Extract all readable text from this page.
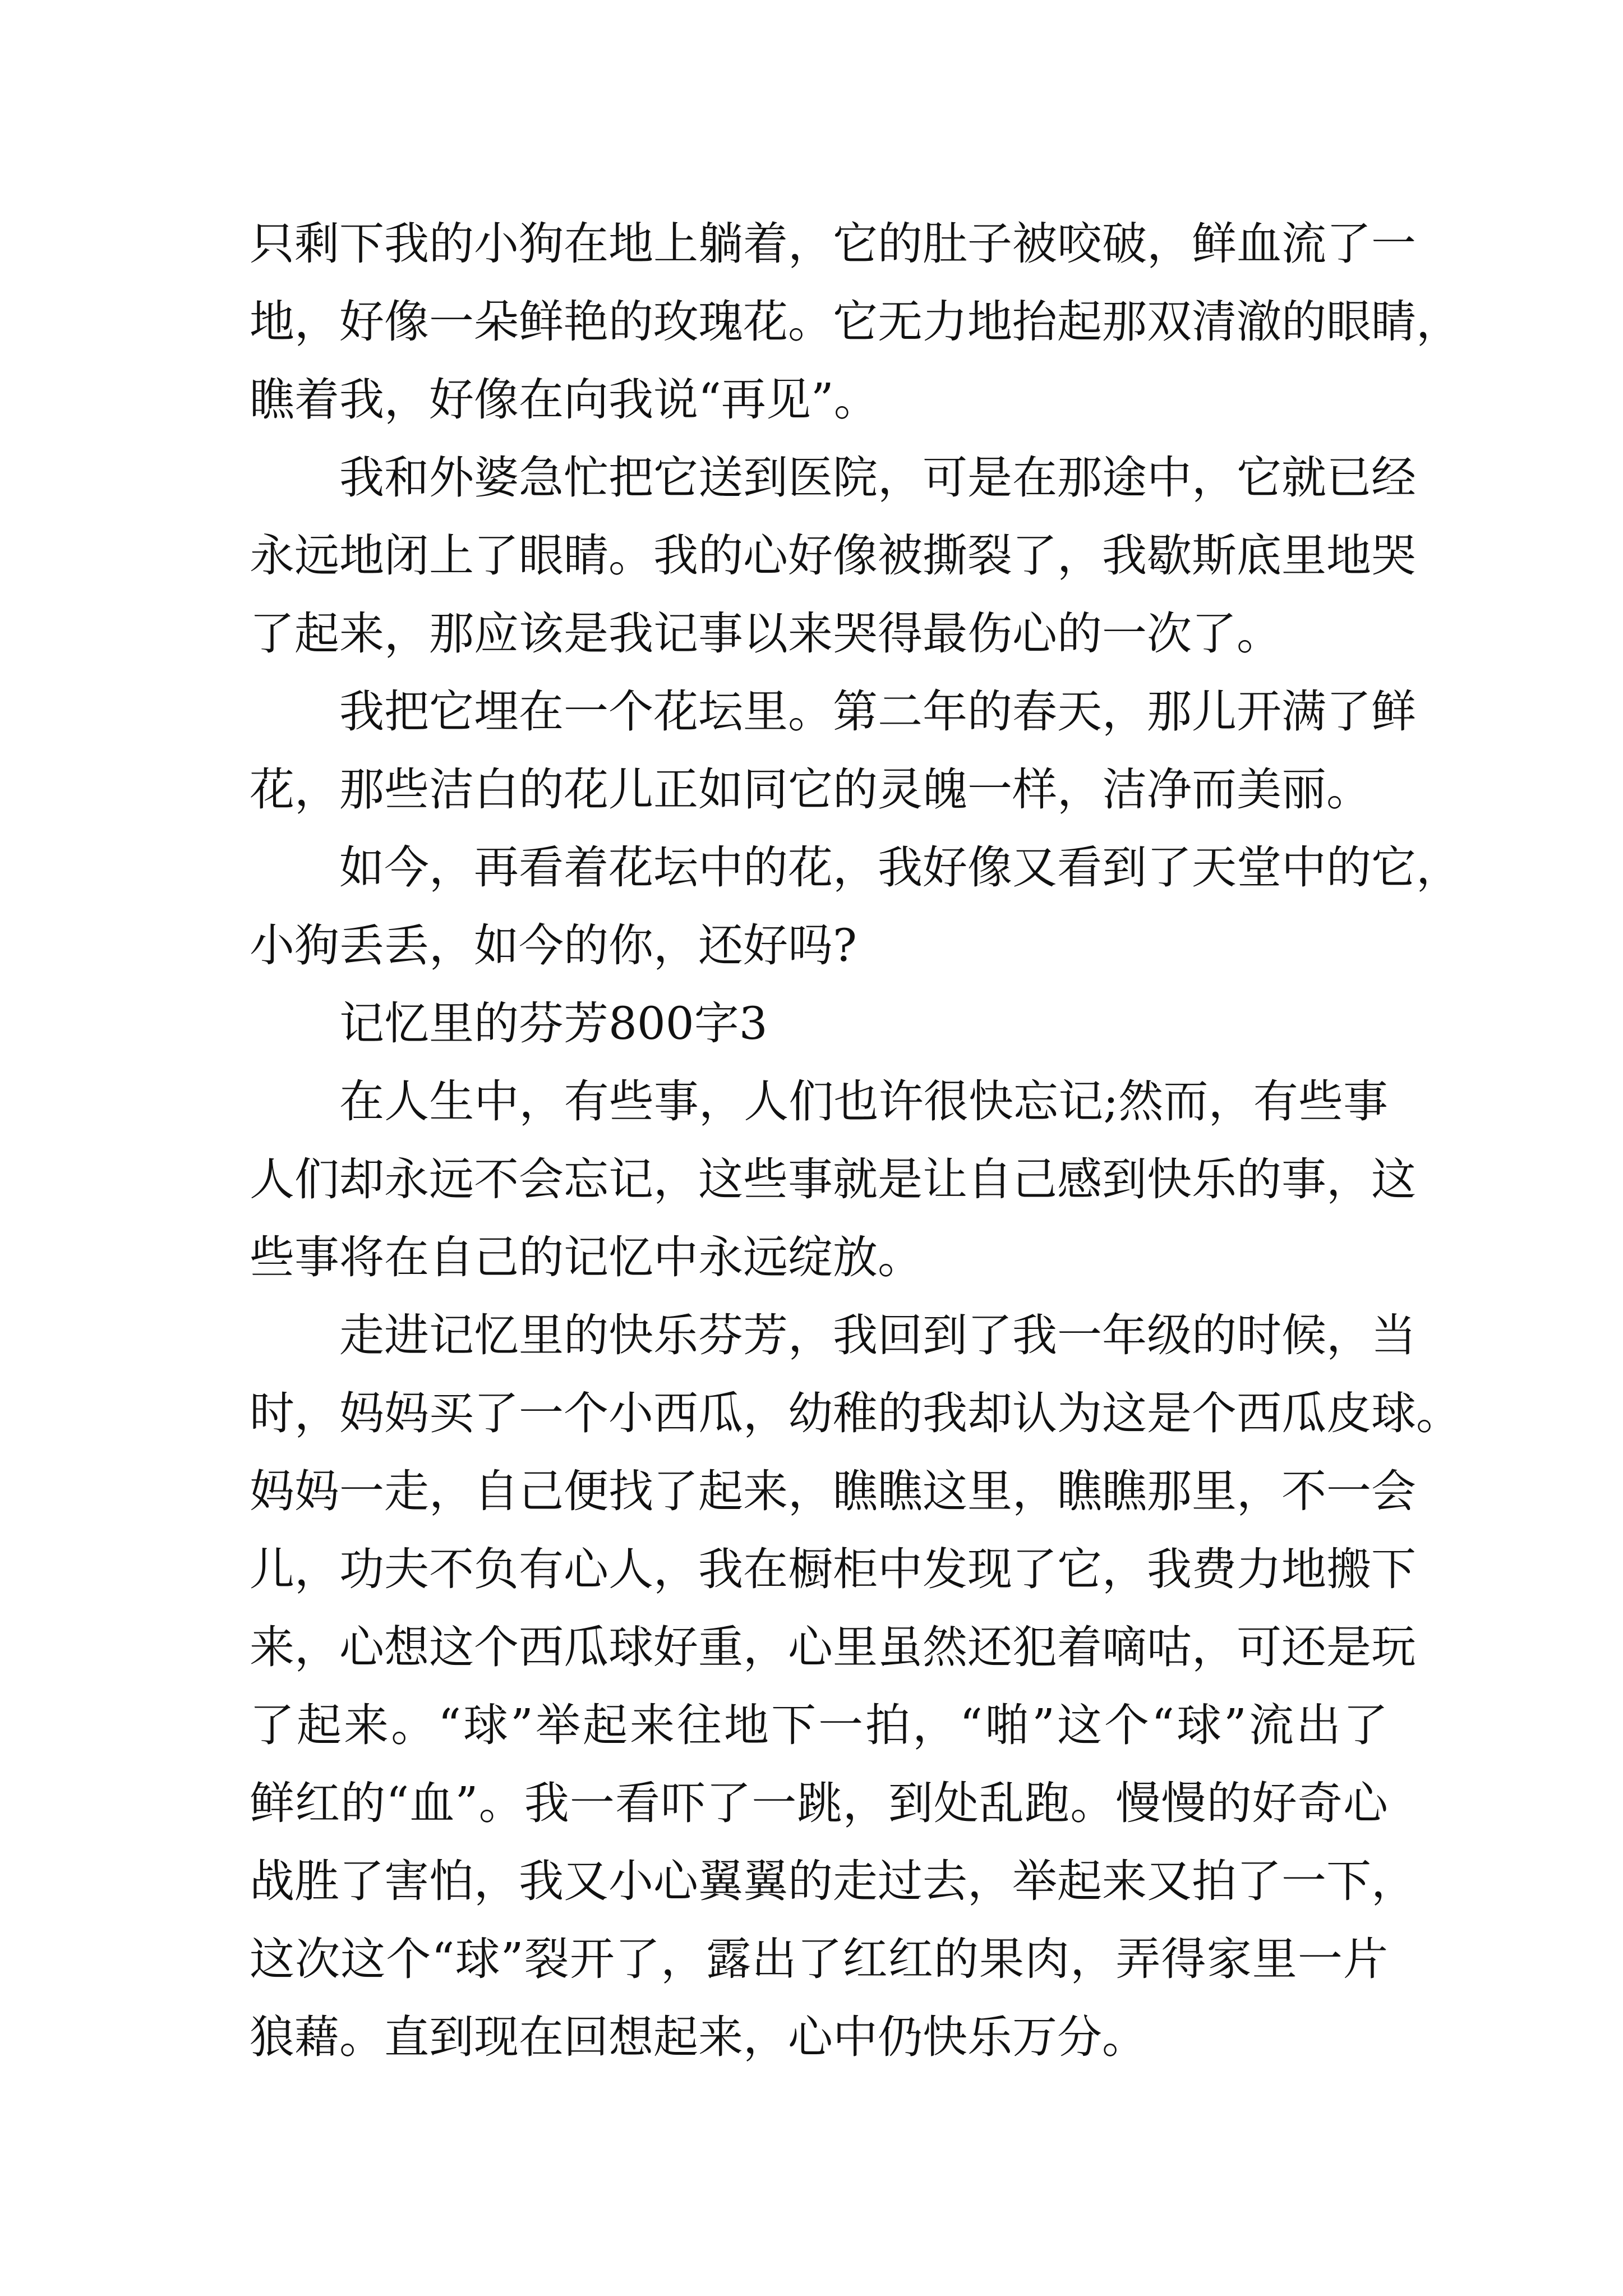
只剩下我的小狗在地上躺着，它的肚子被咬破，鲜血流了一
地，好像一朵鲜艳的玫瑰花。它无力地抬起那双清澈的眼睛，
瞧着我，好像在向我说“再见”。
我和外婆急忙把它送到医院，可是在那途中，它就已经
永远地闭上了眼睛。我的心好像被撕裂了，我歇斯底里地哭
了起来，那应该是我记事以来哭得最伤心的一次了。
我把它埋在一个花坛里。第二年的春天，那儿开满了鲜
花，那些洁白的花儿正如同它的灵魄一样，洁净而美丽。
如今，再看着花坛中的花，我好像又看到了天堂中的它，
小狗丢丢，如今的你，还好吗?
记忆里的芬芳800字3
在人生中，有些事，人们也许很快忘记;然而，有些事
人们却永远不会忘记，这些事就是让自己感到快乐的事，这
些事将在自己的记忆中永远绽放。
走进记忆里的快乐芬芳，我回到了我一年级的时候，当
时，妈妈买了一个小西瓜，幼稚的我却认为这是个西瓜皮球。
妈妈一走，自己便找了起来，瞧瞧这里，瞧瞧那里，不一会
儿，功夫不负有心人，我在橱柜中发现了它，我费力地搬下
来，心想这个西瓜球好重，心里虽然还犯着嘀咕，可还是玩
了起来。“球”举起来往地下一拍，“啪”这个“球”流出了
鲜红的“血”。我一看吓了一跳，到处乱跑。慢慢的好奇心
战胜了害怕，我又小心翼翼的走过去，举起来又拍了一下，
这次这个“球”裂开了，露出了红红的果肉，弄得家里一片
狼藉。直到现在回想起来，心中仍快乐万分。
